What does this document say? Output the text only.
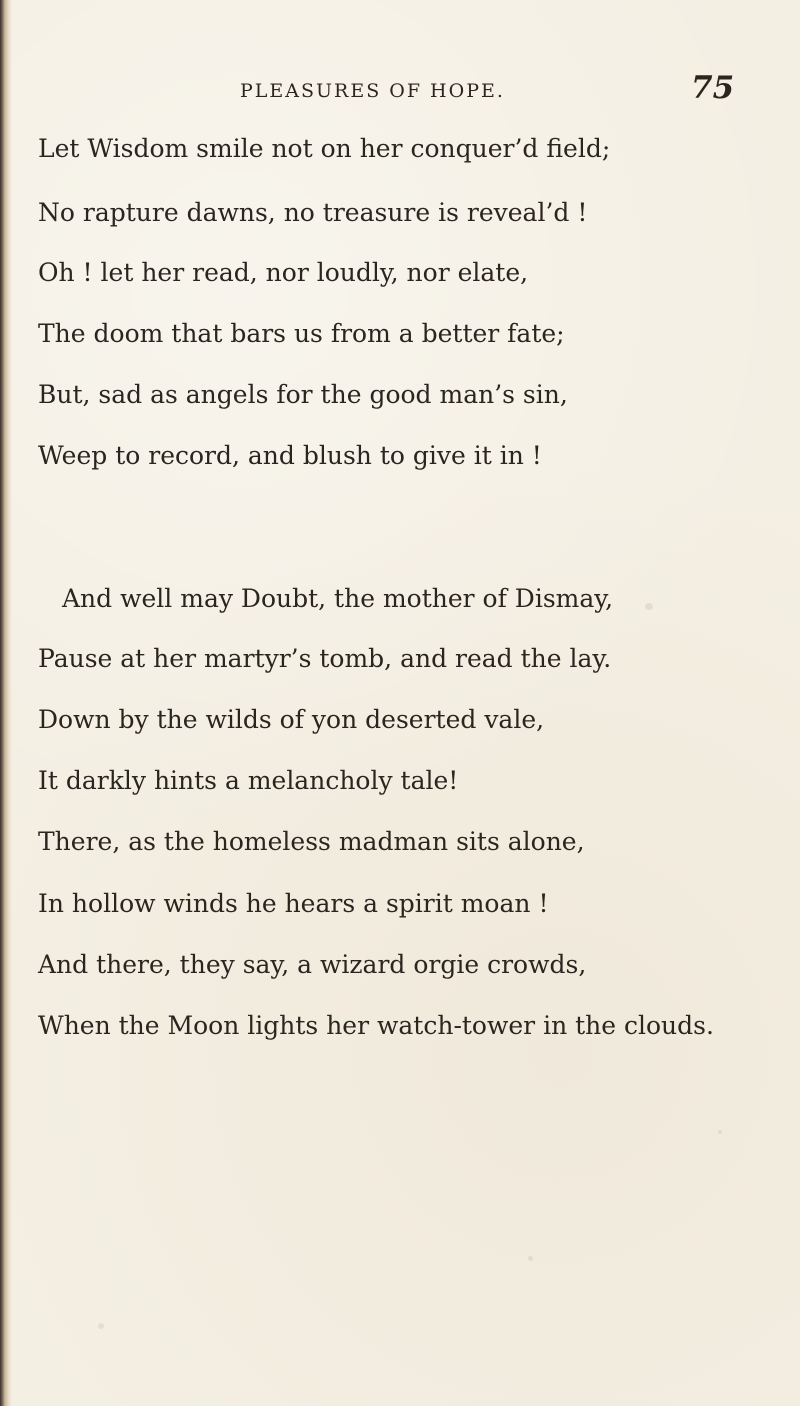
PLEASURES OF HOPE.	75
Let Wisdom smile not on her conquer’d field;
No rapture dawns, no treasure is reveal’d !
Oh ! let her read, nor loudly, nor elate,
The doom that bars us from a better fate;
But, sad as angels for the good man’s sin,
Weep to record, and blush to give it in !
And well may Doubt, the mother of Dismay,
Pause at her martyr’s tomb, and read the lay.
Down by the wilds of yon deserted vale,
It darkly hints a melancholy tale!
There, as the homeless madman sits alone,
In hollow winds he hears a spirit moan !
And there, they say, a wizard orgie crowds,
When the Moon lights her watch-tower in the clouds.
